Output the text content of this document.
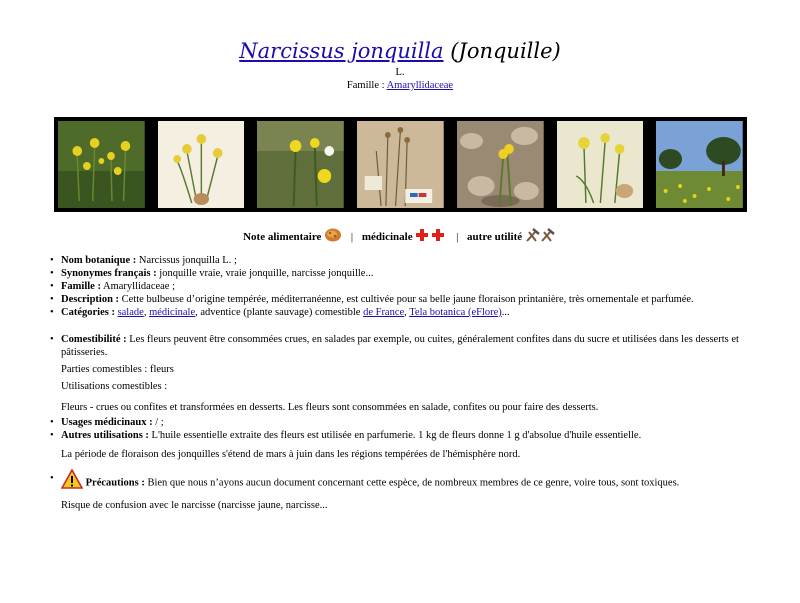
Narcissus jonquilla (Jonquille)
L.
Famille : Amaryllidaceae
Note alimentaire	| médicinale	| autre utilité
• Nom botanique : Narcissus jonquilla L. ;
• Synonymes français : jonquille vraie, vraie jonquille, narcisse jonquille...
• Famille : Amaryllidaceae ;
• Description : Cette bulbeuse d’origine tempérée, méditerranéenne, est cultivée pour sa belle jaune floraison printanière, très ornementale et parfumée.
• Catégories : salade, médicinale, adventice (plante sauvage) comestible de France, Tela botanica (eFlore)...
• Comestibilité : Les fleurs peuvent être consommées crues, en salades par exemple, ou cuites, généralement confites dans du sucre et utilisées dans les desserts et pâtisseries.

Parties comestibles : fleurs

Utilisations comestibles :

Fleurs - crues ou confites et transformées en desserts. Les fleurs sont consommées en salade, confites ou pour faire des desserts.

• Usages médicinaux : / ;
• Autres utilisations : L'huile essentielle extraite des fleurs est utilisée en parfumerie. 1 kg de fleurs donne 1 g d'absolue d'huile essentielle.

La période de floraison des jonquilles s'étend de mars à juin dans les régions tempérées de l'hémisphère nord.

• Précautions : Bien que nous n’ayons aucun document concernant cette espèce, de nombreux membres de ce genre, voire tous, sont toxiques.

Risque de confusion avec le narcisse (narcisse jaune, narcisse...
